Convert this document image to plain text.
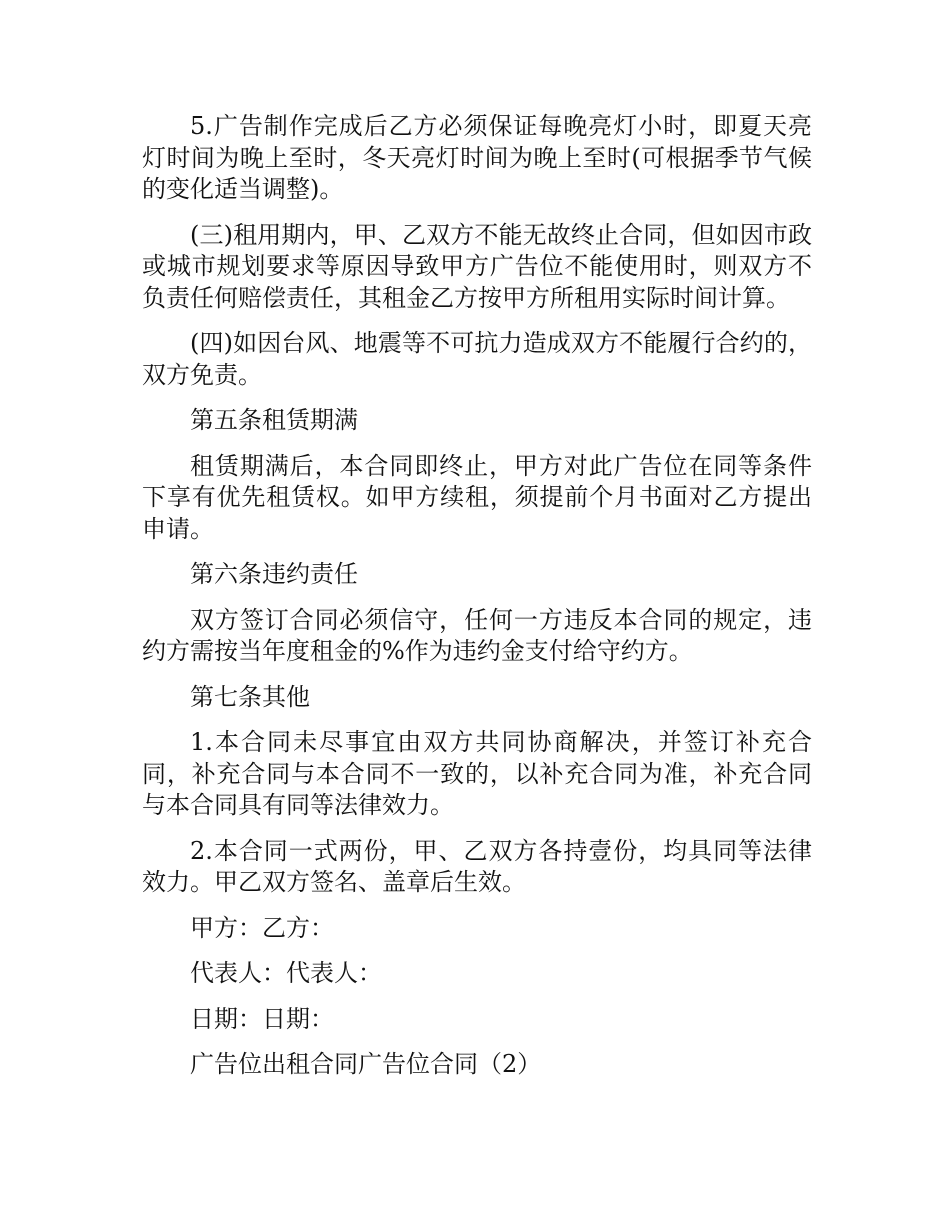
5.广告制作完成后乙方必须保证每晚亮灯小时，即夏天亮灯时间为晚上至时，冬天亮灯时间为晚上至时(可根据季节气候的变化适当调整)。

(三)租用期内，甲、乙双方不能无故终止合同，但如因市政或城市规划要求等原因导致甲方广告位不能使用时，则双方不负责任何赔偿责任，其租金乙方按甲方所租用实际时间计算。

(四)如因台风、地震等不可抗力造成双方不能履行合约的，双方免责。

第五条租赁期满

租赁期满后，本合同即终止，甲方对此广告位在同等条件下享有优先租赁权。如甲方续租，须提前个月书面对乙方提出申请。

第六条违约责任

双方签订合同必须信守，任何一方违反本合同的规定，违约方需按当年度租金的%作为违约金支付给守约方。

第七条其他

1.本合同未尽事宜由双方共同协商解决，并签订补充合同，补充合同与本合同不一致的，以补充合同为准，补充合同与本合同具有同等法律效力。

2.本合同一式两份，甲、乙双方各持壹份，均具同等法律效力。甲乙双方签名、盖章后生效。

甲方：乙方：

代表人：代表人：

日期：日期：

广告位出租合同广告位合同（2）
